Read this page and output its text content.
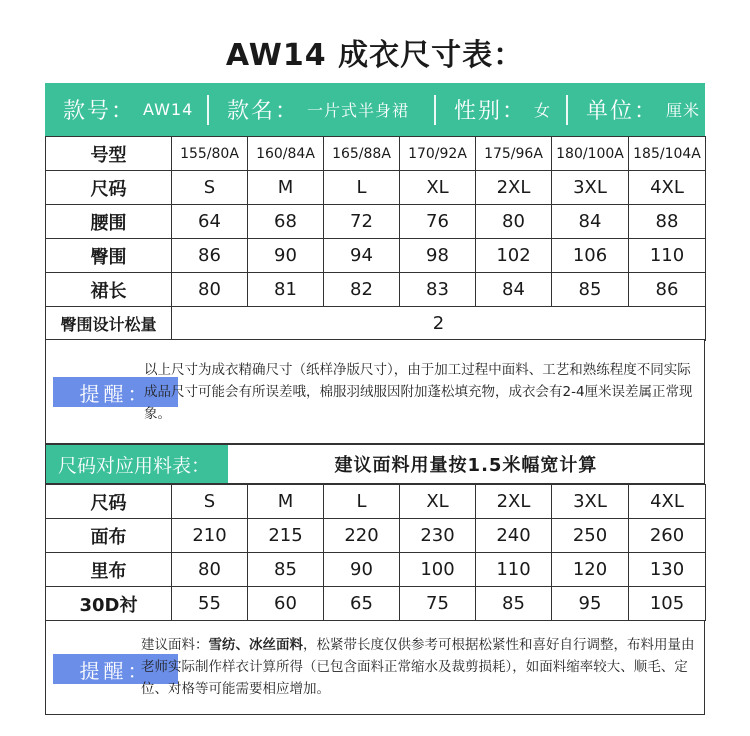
AW14 成衣尺寸表：
款号： AW14 款名： 一片式半身裙 性别： 女 单位： 厘米
号型	155/80A	160/84A	165/88A	170/92A	175/96A	180/100A	185/104A
尺码	S	M	L	XL	2XL	3XL	4XL
腰围	64	68	72	76	80	84	88
臀围	86	90	94	98	102	106	110
裙长	80	81	82	83	84	85	86
臀围设计松量	2						
提醒：
以上尺寸为成衣精确尺寸（纸样净版尺寸），由于加工过程中面料、工艺和熟练程度不同实际成品尺寸可能会有所误差哦，棉服羽绒服因附加蓬松填充物，成衣会有2-4厘米误差属正常现象。
尺码对应用料表：	建议面料用量按1.5米幅宽计算
尺码	S	M	L	XL	2XL	3XL	4XL
面布	210	215	220	230	240	250	260
里布	80	85	90	100	110	120	130
30D衬	55	60	65	75	85	95	105
提醒：
建议面料：雪纺、冰丝面料，松紧带长度仅供参考可根据松紧性和喜好自行调整，布料用量由老师实际制作样衣计算所得（已包含面料正常缩水及裁剪损耗），如面料缩率较大、顺毛、定位、对格等可能需要相应增加。
